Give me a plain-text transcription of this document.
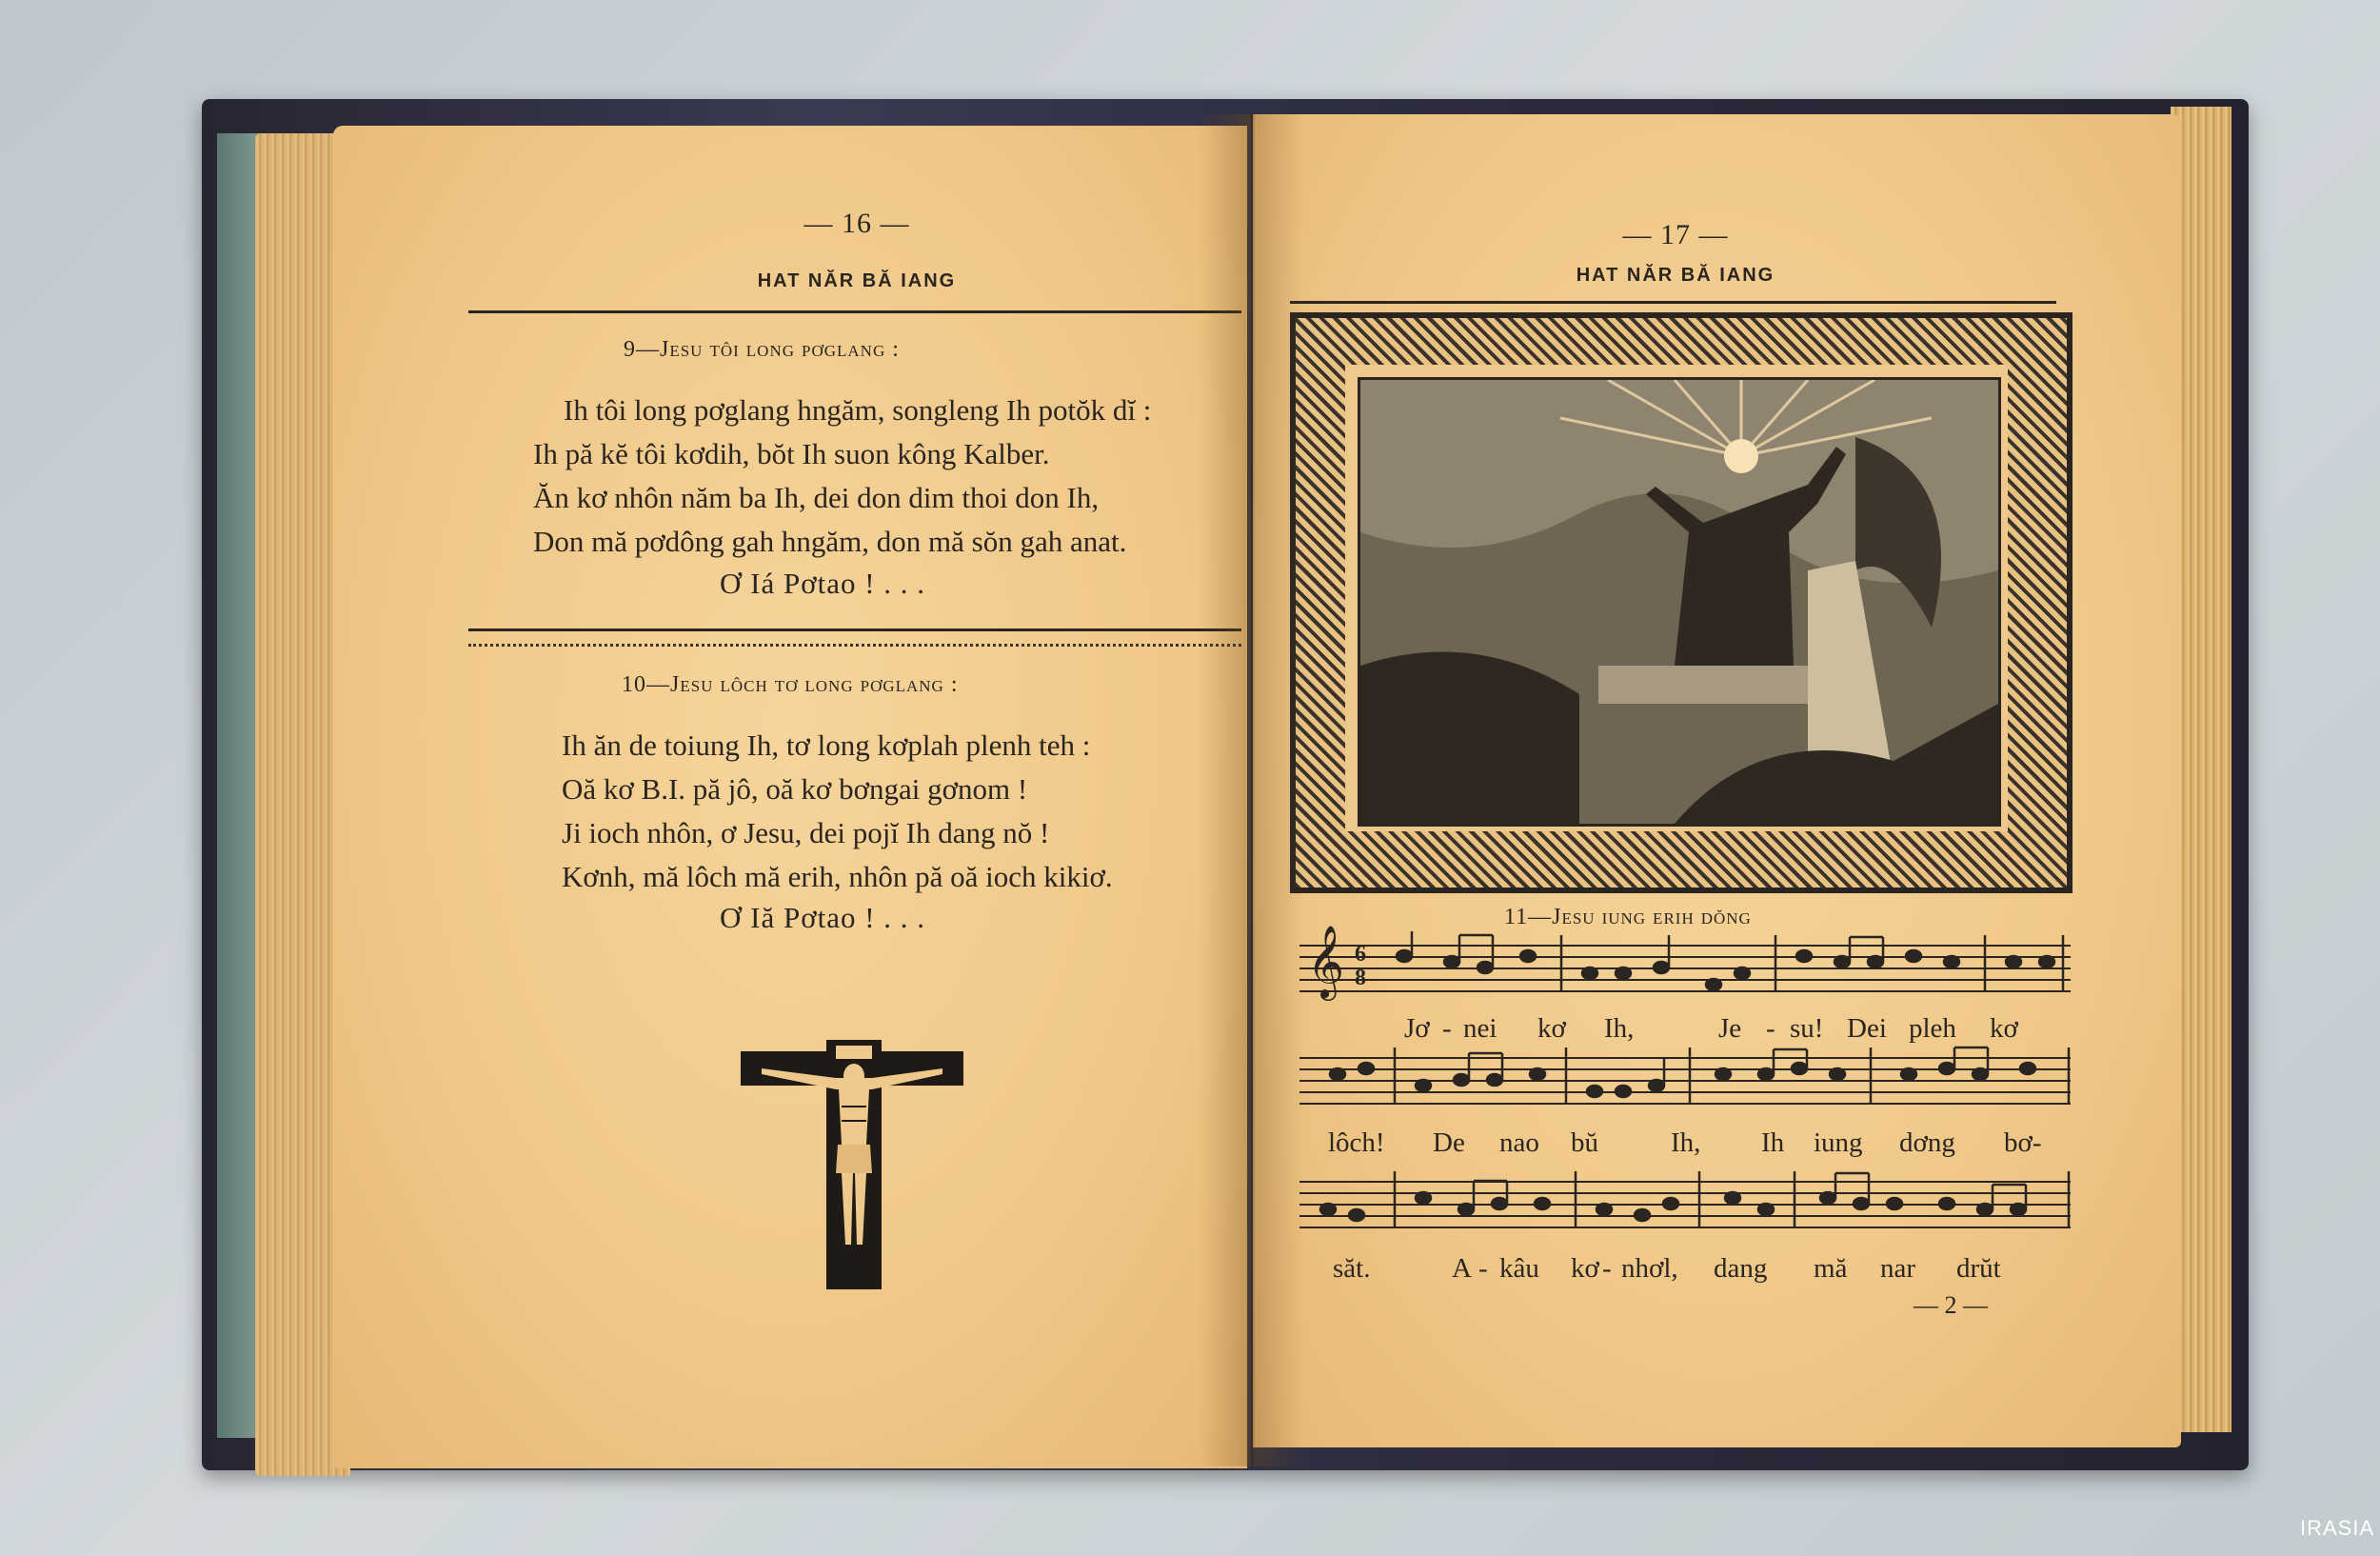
— 16 —
HAT NĂR BĂ IANG
9—Jesu tôi long pơglang :
Ih tôi long pơglang hngăm, songleng Ih potŏk dĭ :
Ih pă kĕ tôi kơdih, bŏt Ih suon kông Kalber.
Ăn kơ nhôn năm ba Ih, dei don dim thoi don Ih,
Don mă pơdông gah hngăm, don mă sŏn gah anat.
Ơ Iá Pơtao ! . . .
10—Jesu lôch tơ long pơglang :
Ih ăn de toiung Ih, tơ long kơplah plenh teh :
Oă kơ B.I. pă jô, oă kơ bơngai gơnom !
Ji ioch nhôn, ơ Jesu, dei pojĭ Ih dang nŏ !
Kơnh, mă lôch mă erih, nhôn pă oă ioch kikiơ.
Ơ Iă Pơtao ! . . .
— 17 —
HAT NĂR BĂ IANG
11—Jesu iung erih dŏng
𝄞 6
8
Jơ - nei kơ Ih,	Je - su! Dei pleh kơ
lôch! De nao bŭ	Ih, Ih iung dơng bơ-
săt.	A - kâu kơ - nhơl, dang mă nar drŭt
— 2 —
IRASIA
